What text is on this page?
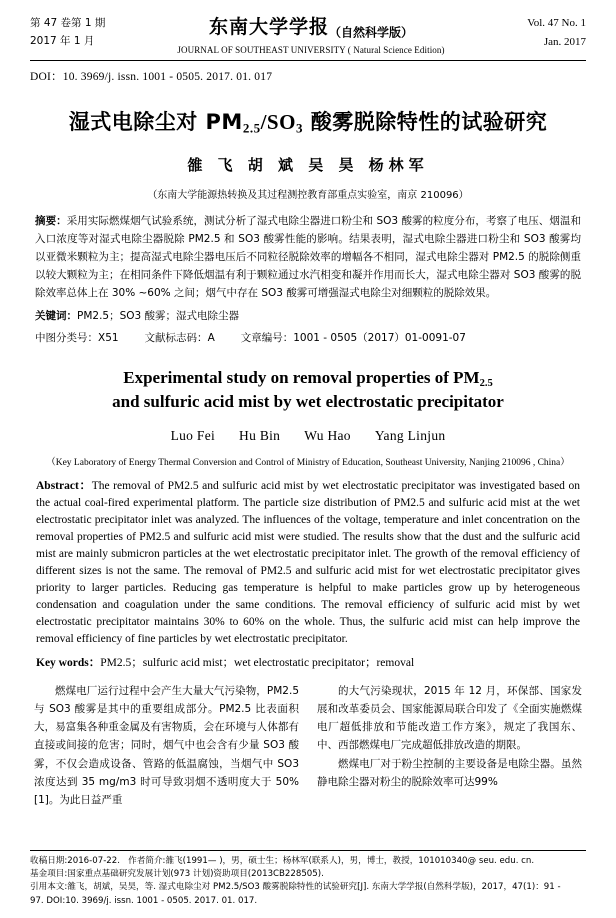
第 47 卷第 1 期
2017 年 1 月
东南大学学报$_{(自然科学版)}$
JOURNAL OF SOUTHEAST UNIVERSITY ( Natural Science Edition)
Vol. 47 No. 1
Jan. 2017
DOI：10. 3969/j. issn. 1001 - 0505. 2017. 01. 017
湿式电除尘对 $PM_{2.5}/SO_3$ 酸雾脱除特性的试验研究
雒 飞 胡 斌 吴 昊 杨林军
（东南大学能源热转换及其过程测控教育部重点实验室，南京 210096）
摘要：采用实际燃煤烟气试验系统，测试分析了湿式电除尘器进口粉尘和 SO3 酸雾的粒度分布，考察了电压、烟温和入口浓度等对湿式电除尘器脱除 PM2.5 和 SO3 酸雾性能的影响。结果表明，湿式电除尘器进口粉尘和 SO3 酸雾均以亚微米颗粒为主；提高湿式电除尘器电压后不同粒径脱除效率的增幅各不相同，湿式电除尘器对 PM2.5 的脱除侧重以较大颗粒为主；在相同条件下降低烟温有利于颗粒通过水汽相变和凝并作用而长大，湿式电除尘器对 SO3 酸雾的脱除效率总体上在 30% ~60% 之间；烟气中存在 SO3 酸雾可增强湿式电除尘对细颗粒的脱除效果。
关键词：PM2.5；SO3 酸雾；湿式电除尘器
中图分类号：X51 文献标志码：A 文章编号：1001 - 0505（2017）01-0091-07
Experimental study on removal properties of $PM_{2.5}$
and sulfuric acid mist by wet electrostatic precipitator
Luo Fei Hu Bin Wu Hao Yang Linjun
（Key Laboratory of Energy Thermal Conversion and Control of Ministry of Education, Southeast University, Nanjing 210096 , China）
Abstract：The removal of PM2.5 and sulfuric acid mist by wet electrostatic precipitator was investigated based on the actual coal-fired experimental platform. The particle size distribution of PM2.5 and sulfuric acid mist at the wet electrostatic precipitator inlet was analyzed. The influences of the voltage, temperature and inlet concentration on the removal properties of PM2.5 and sulfuric acid mist were studied. The results show that the dust and the sulfuric acid mist are mainly submicron particles at the wet electrostatic precipitator inlet. The growth of the removal efficiency of different sizes is not the same. The removal of PM2.5 and sulfuric acid mist for wet electrostatic precipitator gives priority to larger particles. Reducing gas temperature is helpful to make particles grow up by heterogeneous condensation and coagulation under the same conditions. The removal efficiency of sulfuric acid mist by wet electrostatic precipitator maintains 30% to 60% on the whole. Thus, the sulfuric acid mist can help improve the removal efficiency of fine particles by wet electrostatic precipitator.
Key words：PM2.5；sulfuric acid mist；wet electrostatic precipitator；removal

燃煤电厂运行过程中会产生大量大气污染物，PM2.5 与 SO3 酸雾是其中的重要组成部分。PM2.5 比表面积大，易富集各种重金属及有害物质，会在环境与人体都有直接或间接的危害；同时，烟气中也会含有少量 SO3 酸雾，不仅会造成设备、管路的低温腐蚀，当烟气中 SO3 浓度达到 35 mg/m3 时可导致羽烟不透明度大于 50% [1]。为此日益严重

的大气污染现状，2015 年 12 月，环保部、国家发展和改革委员会、国家能源局联合印发了《全面实施燃煤电厂超低排放和节能改造工作方案》，规定了我国东、中、西部燃煤电厂完成超低排放改造的期限。

燃煤电厂对于粉尘控制的主要设备是电除尘器。虽然静电除尘器对粉尘的脱除效率可达99%

收稿日期:2016-07-22. 作者简介:雒飞(1991— )，男，硕士生；杨林军(联系人)，男，博士，教授，101010340@ seu. edu. cn.
基金项目:国家重点基础研究发展计划(973 计划)资助项目(2013CB228505).
引用本文:雒飞，胡斌，吴昊，等. 湿式电除尘对 PM2.5/SO3 酸雾脱除特性的试验研究[J]. 东南大学学报(自然科学版)，2017，47(1)：91 -
97. DOI:10. 3969/j. issn. 1001 - 0505. 2017. 01. 017.
